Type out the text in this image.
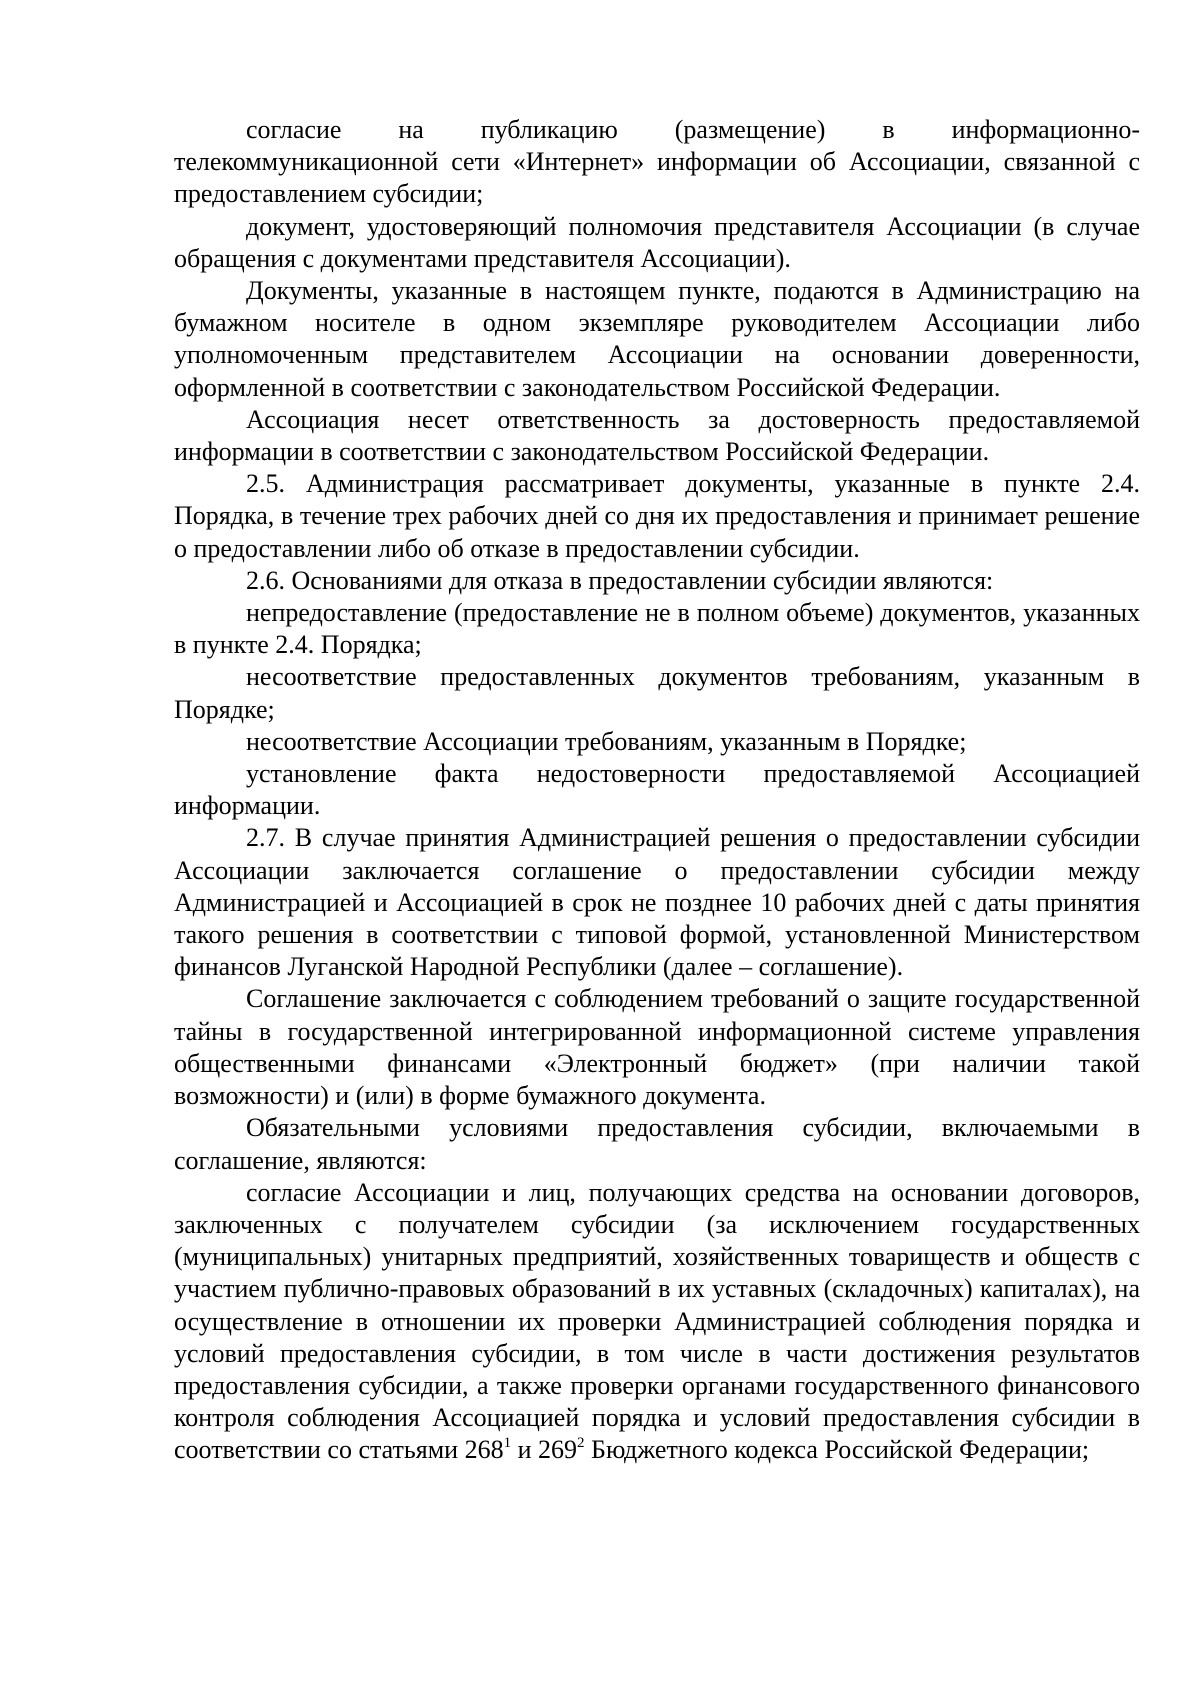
согласие на публикацию (размещение) в информационно-телекоммуникационной сети «Интернет» информации об Ассоциации, связанной с предоставлением субсидии;

документ, удостоверяющий полномочия представителя Ассоциации (в случае обращения с документами представителя Ассоциации).

Документы, указанные в настоящем пункте, подаются в Администрацию на бумажном носителе в одном экземпляре руководителем Ассоциации либо уполномоченным представителем Ассоциации на основании доверенности, оформленной в соответствии с законодательством Российской Федерации.

Ассоциация несет ответственность за достоверность предоставляемой информации в соответствии с законодательством Российской Федерации.

2.5. Администрация рассматривает документы, указанные в пункте 2.4. Порядка, в течение трех рабочих дней со дня их предоставления и принимает решение о предоставлении либо об отказе в предоставлении субсидии.

2.6. Основаниями для отказа в предоставлении субсидии являются:

непредоставление (предоставление не в полном объеме) документов, указанных в пункте 2.4. Порядка;

несоответствие предоставленных документов требованиям, указанным в Порядке;

несоответствие Ассоциации требованиям, указанным в Порядке;

установление факта недостоверности предоставляемой Ассоциацией информации.

2.7. В случае принятия Администрацией решения о предоставлении субсидии Ассоциации заключается соглашение о предоставлении субсидии между Администрацией и Ассоциацией в срок не позднее 10 рабочих дней с даты принятия такого решения в соответствии с типовой формой, установленной Министерством финансов Луганской Народной Республики (далее – соглашение).

Соглашение заключается с соблюдением требований о защите государственной тайны в государственной интегрированной информационной системе управления общественными финансами «Электронный бюджет» (при наличии такой возможности) и (или) в форме бумажного документа.

Обязательными условиями предоставления субсидии, включаемыми в соглашение, являются:

согласие Ассоциации и лиц, получающих средства на основании договоров, заключенных с получателем субсидии (за исключением государственных (муниципальных) унитарных предприятий, хозяйственных товариществ и обществ с участием публично-правовых образований в их уставных (складочных) капиталах), на осуществление в отношении их проверки Администрацией соблюдения порядка и условий предоставления субсидии, в том числе в части достижения результатов предоставления субсидии, а также проверки органами государственного финансового контроля соблюдения Ассоциацией порядка и условий предоставления субсидии в соответствии со статьями $268^1$ и $269^2$ Бюджетного кодекса Российской Федерации;
